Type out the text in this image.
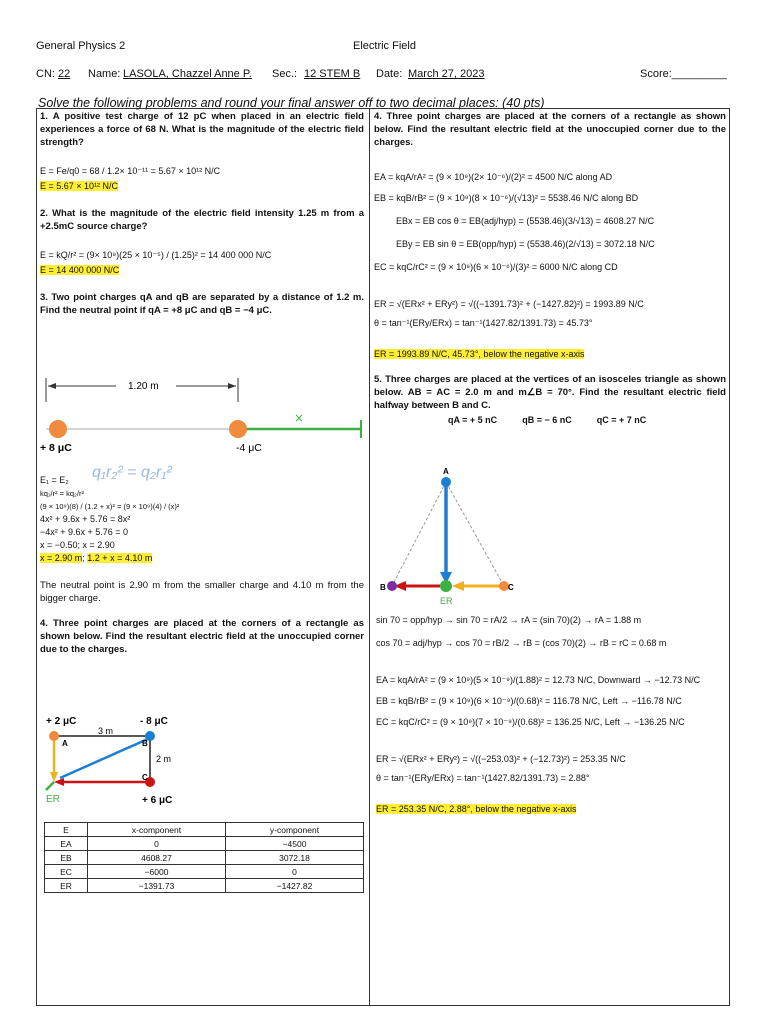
General Physics 2	Electric Field
CN: 22 Name: LASOLA, Chazzel Anne P. Sec.: 12 STEM B Date: March 27, 2023	Score:_________
Solve the following problems and round your final answer off to two decimal places: (40 pts)

1. A positive test charge of 12 pC when placed in an electric field experiences a force of 68 N. What is the magnitude of the electric field strength?

E = Fe/q0 = 68 / 1.2× 10⁻¹¹ = 5.67 × 10¹² N/C
E = 5.67 × 10¹² N/C

2. What is the magnitude of the electric field intensity 1.25 m from a +2.5mC source charge?

E = kQ/r² = (9× 10⁹)(25 × 10⁻⁵) / (1.25)² = 14 400 000 N/C
E = 14 400 000 N/C

3. Two point charges qA and qB are separated by a distance of 1.2 m. Find the neutral point if qA = +8 μC and qB = −4 μC.

1.20 m
×
+ 8 μC	-4 μC
E₁ = E₂
kq₁/r² = kq₂/r²
(9 × 10⁹)(8) / (1.2 + x)² = (9 × 10⁹)(4) / (x)²
4x² + 9.6x + 5.76 = 8x²
−4x² + 9.6x + 5.76 = 0
x = −0.50; x = 2.90
x = 2.90 m; 1.2 + x = 4.10 m

The neutral point is 2.90 m from the smaller charge and 4.10 m from the bigger charge.

4. Three point charges are placed at the corners of a rectangle as shown below. Find the resultant electric field at the unoccupied corner due to the charges.

q₁r₂² = q₂r₁²
+ 2 μC	- 8 μC
3 m
2 m
A	B
C
ER	+ 6 μC
E	x-component	y-component
EA	0	−4500
EB	4608.27	3072.18
EC	−6000	0
ER	−1391.73	−1427.82

4. Three point charges are placed at the corners of a rectangle as shown below. Find the resultant electric field at the unoccupied corner due to the charges.

EA = kqA/rA² = (9 × 10⁹)(2× 10⁻⁶)/(2)² = 4500 N/C along AD
EB = kqB/rB² = (9 × 10⁹)(8 × 10⁻⁶)/(√13)² = 5538.46 N/C along BD
EBx = EB cos θ = EB(adj/hyp) = (5538.46)(3/√13) = 4608.27 N/C
EBy = EB sin θ = EB(opp/hyp) = (5538.46)(2/√13) = 3072.18 N/C
EC = kqC/rC² = (9 × 10⁹)(6 × 10⁻⁶)/(3)² = 6000 N/C along CD
ER = √(ERx² + ERy²) = √((−1391.73)² + (−1427.82)²) = 1993.89 N/C
θ = tan⁻¹(ERy/ERx) = tan⁻¹(1427.82/1391.73) = 45.73°
ER = 1993.89 N/C, 45.73°, below the negative x-axis

5. Three charges are placed at the vertices of an isosceles triangle as shown below. AB = AC = 2.0 m and m∠B = 70°. Find the resultant electric field halfway between B and C.

qA = + 5 nC	qB = − 6 nC	qC = + 7 nC
A
B	C
ER
sin 70 = opp/hyp → sin 70 = rA/2 → rA = (sin 70)(2) → rA = 1.88 m
cos 70 = adj/hyp → cos 70 = rB/2 → rB = (cos 70)(2) → rB = rC = 0.68 m
EA = kqA/rA² = (9 × 10⁹)(5 × 10⁻⁹)/(1.88)² = 12.73 N/C, Downward → −12.73 N/C
EB = kqB/rB² = (9 × 10⁹)(6 × 10⁻⁹)/(0.68)² = 116.78 N/C, Left → −116.78 N/C
EC = kqC/rC² = (9 × 10⁹)(7 × 10⁻⁹)/(0.68)² = 136.25 N/C, Left → −136.25 N/C
ER = √(ERx² + ERy²) = √((−253.03)² + (−12.73)²) = 253.35 N/C
θ = tan⁻¹(ERy/ERx) = tan⁻¹(1427.82/1391.73) = 2.88°
ER = 253.35 N/C, 2.88°, below the negative x-axis
